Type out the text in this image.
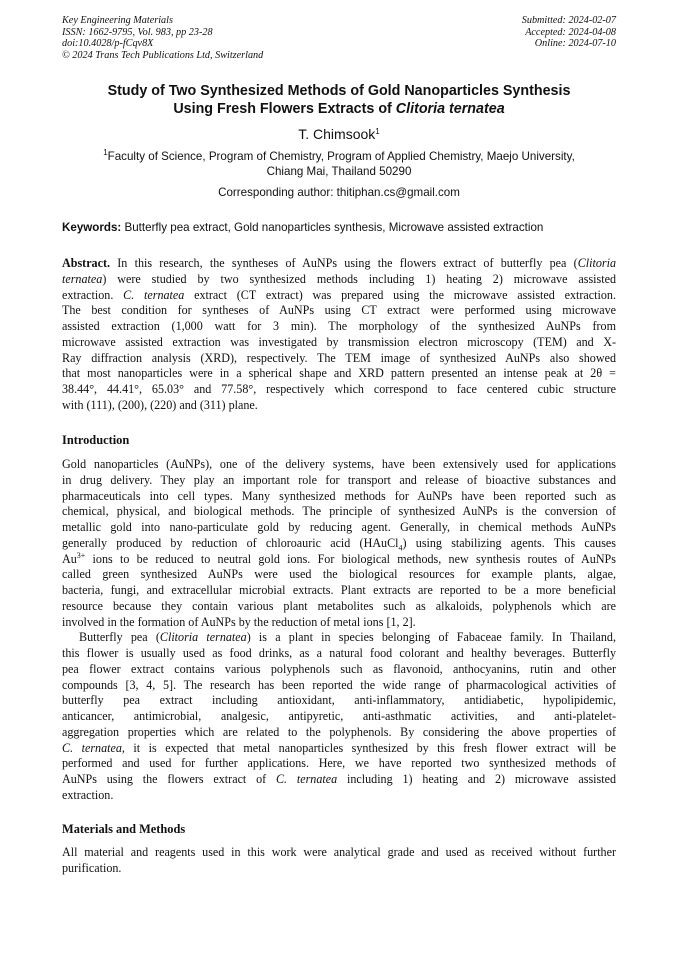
Key Engineering Materials
ISSN: 1662-9795, Vol. 983, pp 23-28
doi:10.4028/p-fCqv8X
© 2024 Trans Tech Publications Ltd, Switzerland
Submitted: 2024-02-07
Accepted: 2024-04-08
Online: 2024-07-10
Study of Two Synthesized Methods of Gold Nanoparticles Synthesis
Using Fresh Flowers Extracts of Clitoria ternatea
T. Chimsook$^1$
$^1$Faculty of Science, Program of Chemistry, Program of Applied Chemistry, Maejo University,
Chiang Mai, Thailand 50290
Corresponding author: thitiphan.cs@gmail.com
Keywords: Butterfly pea extract, Gold nanoparticles synthesis, Microwave assisted extraction
Abstract. In this research, the syntheses of AuNPs using the flowers extract of butterfly pea (Clitoria
ternatea) were studied by two synthesized methods including 1) heating 2) microwave assisted
extraction. C. ternatea extract (CT extract) was prepared using the microwave assisted extraction.
The best condition for syntheses of AuNPs using CT extract were performed using microwave
assisted extraction (1,000 watt for 3 min). The morphology of the synthesized AuNPs from
microwave assisted extraction was investigated by transmission electron microscopy (TEM) and X-
Ray diffraction analysis (XRD), respectively. The TEM image of synthesized AuNPs also showed
that most nanoparticles were in a spherical shape and XRD pattern presented an intense peak at 2θ =
38.44°, 44.41°, 65.03° and 77.58°, respectively which correspond to face centered cubic structure
with (111), (200), (220) and (311) plane.
Introduction
Gold nanoparticles (AuNPs), one of the delivery systems, have been extensively used for applications
in drug delivery. They play an important role for transport and release of bioactive substances and
pharmaceuticals into cell types. Many synthesized methods for AuNPs have been reported such as
chemical, physical, and biological methods. The principle of synthesized AuNPs is the conversion of
metallic gold into nano-particulate gold by reducing agent. Generally, in chemical methods AuNPs
generally produced by reduction of chloroauric acid (HAuCl$_4$) using stabilizing agents. This causes
$Au^{3+}$ ions to be reduced to neutral gold ions. For biological methods, new synthesis routes of AuNPs
called green synthesized AuNPs were used the biological resources for example plants, algae,
bacteria, fungi, and extracellular microbial extracts. Plant extracts are reported to be a more beneficial
resource because they contain various plant metabolites such as alkaloids, polyphenols which are
involved in the formation of AuNPs by the reduction of metal ions [1, 2].
Butterfly pea (Clitoria ternatea) is a plant in species belonging of Fabaceae family. In Thailand,
this flower is usually used as food drinks, as a natural food colorant and healthy beverages. Butterfly
pea flower extract contains various polyphenols such as flavonoid, anthocyanins, rutin and other
compounds [3, 4, 5]. The research has been reported the wide range of pharmacological activities of
butterfly pea extract including antioxidant, anti-inflammatory, antidiabetic, hypolipidemic,
anticancer, antimicrobial, analgesic, antipyretic, anti-asthmatic activities, and anti-platelet-
aggregation properties which are related to the polyphenols. By considering the above properties of
C. ternatea, it is expected that metal nanoparticles synthesized by this fresh flower extract will be
performed and used for further applications. Here, we have reported two synthesized methods of
AuNPs using the flowers extract of C. ternatea including 1) heating and 2) microwave assisted
extraction.
Materials and Methods
All material and reagents used in this work were analytical grade and used as received without further
purification.
